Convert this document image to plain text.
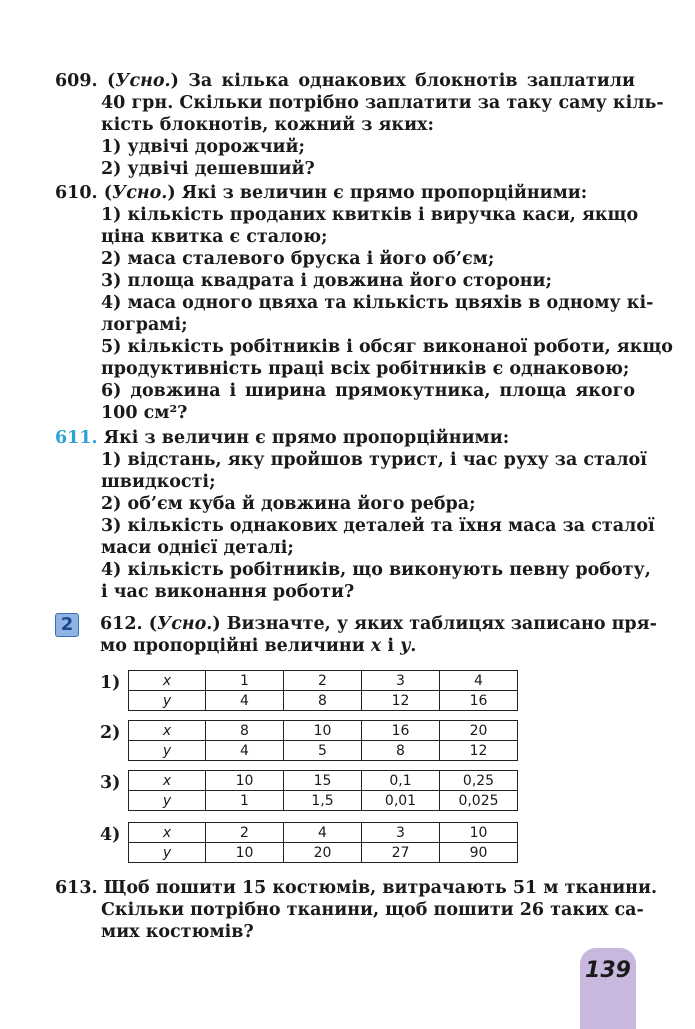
609. (Усно.) За кілька однакових блокнотів заплатили
40 грн. Скільки потрібно заплатити за таку саму кіль-
кість блокнотів, кожний з яких:
1) удвічі дорожчий;
2) удвічі дешевший?
610. (Усно.) Які з величин є прямо пропорційними:
1) кількість проданих квитків і виручка каси, якщо
ціна квитка є сталою;
2) маса сталевого бруска і його об’єм;
3) площа квадрата і довжина його сторони;
4) маса одного цвяха та кількість цвяхів в одному кі-
лограмі;
5) кількість робітників і обсяг виконаної роботи, якщо
продуктивність праці всіх робітників є однаковою;
6) довжина і ширина прямокутника, площа якого
100 см²?
611. Які з величин є прямо пропорційними:
1) відстань, яку пройшов турист, і час руху за сталої
швидкості;
2) об’єм куба й довжина його ребра;
3) кількість однакових деталей та їхня маса за сталої
маси однієї деталі;
4) кількість робітників, що виконують певну роботу,
і час виконання роботи?
2	612. (Усно.) Визначте, у яких таблицях записано пря-
мо пропорційні величини x і y.
1)	x	1	2	3	4
y	4	8	12	16
2)	x	8	10	16	20
y	4	5	8	12
3)	x	10	15	0,1	0,25
y	1	1,5	0,01	0,025
4)	x	2	4	3	10
y	10	20	27	90
613. Щоб пошити 15 костюмів, витрачають 51 м тканини.
Скільки потрібно тканини, щоб пошити 26 таких са-
мих костюмів?
139
